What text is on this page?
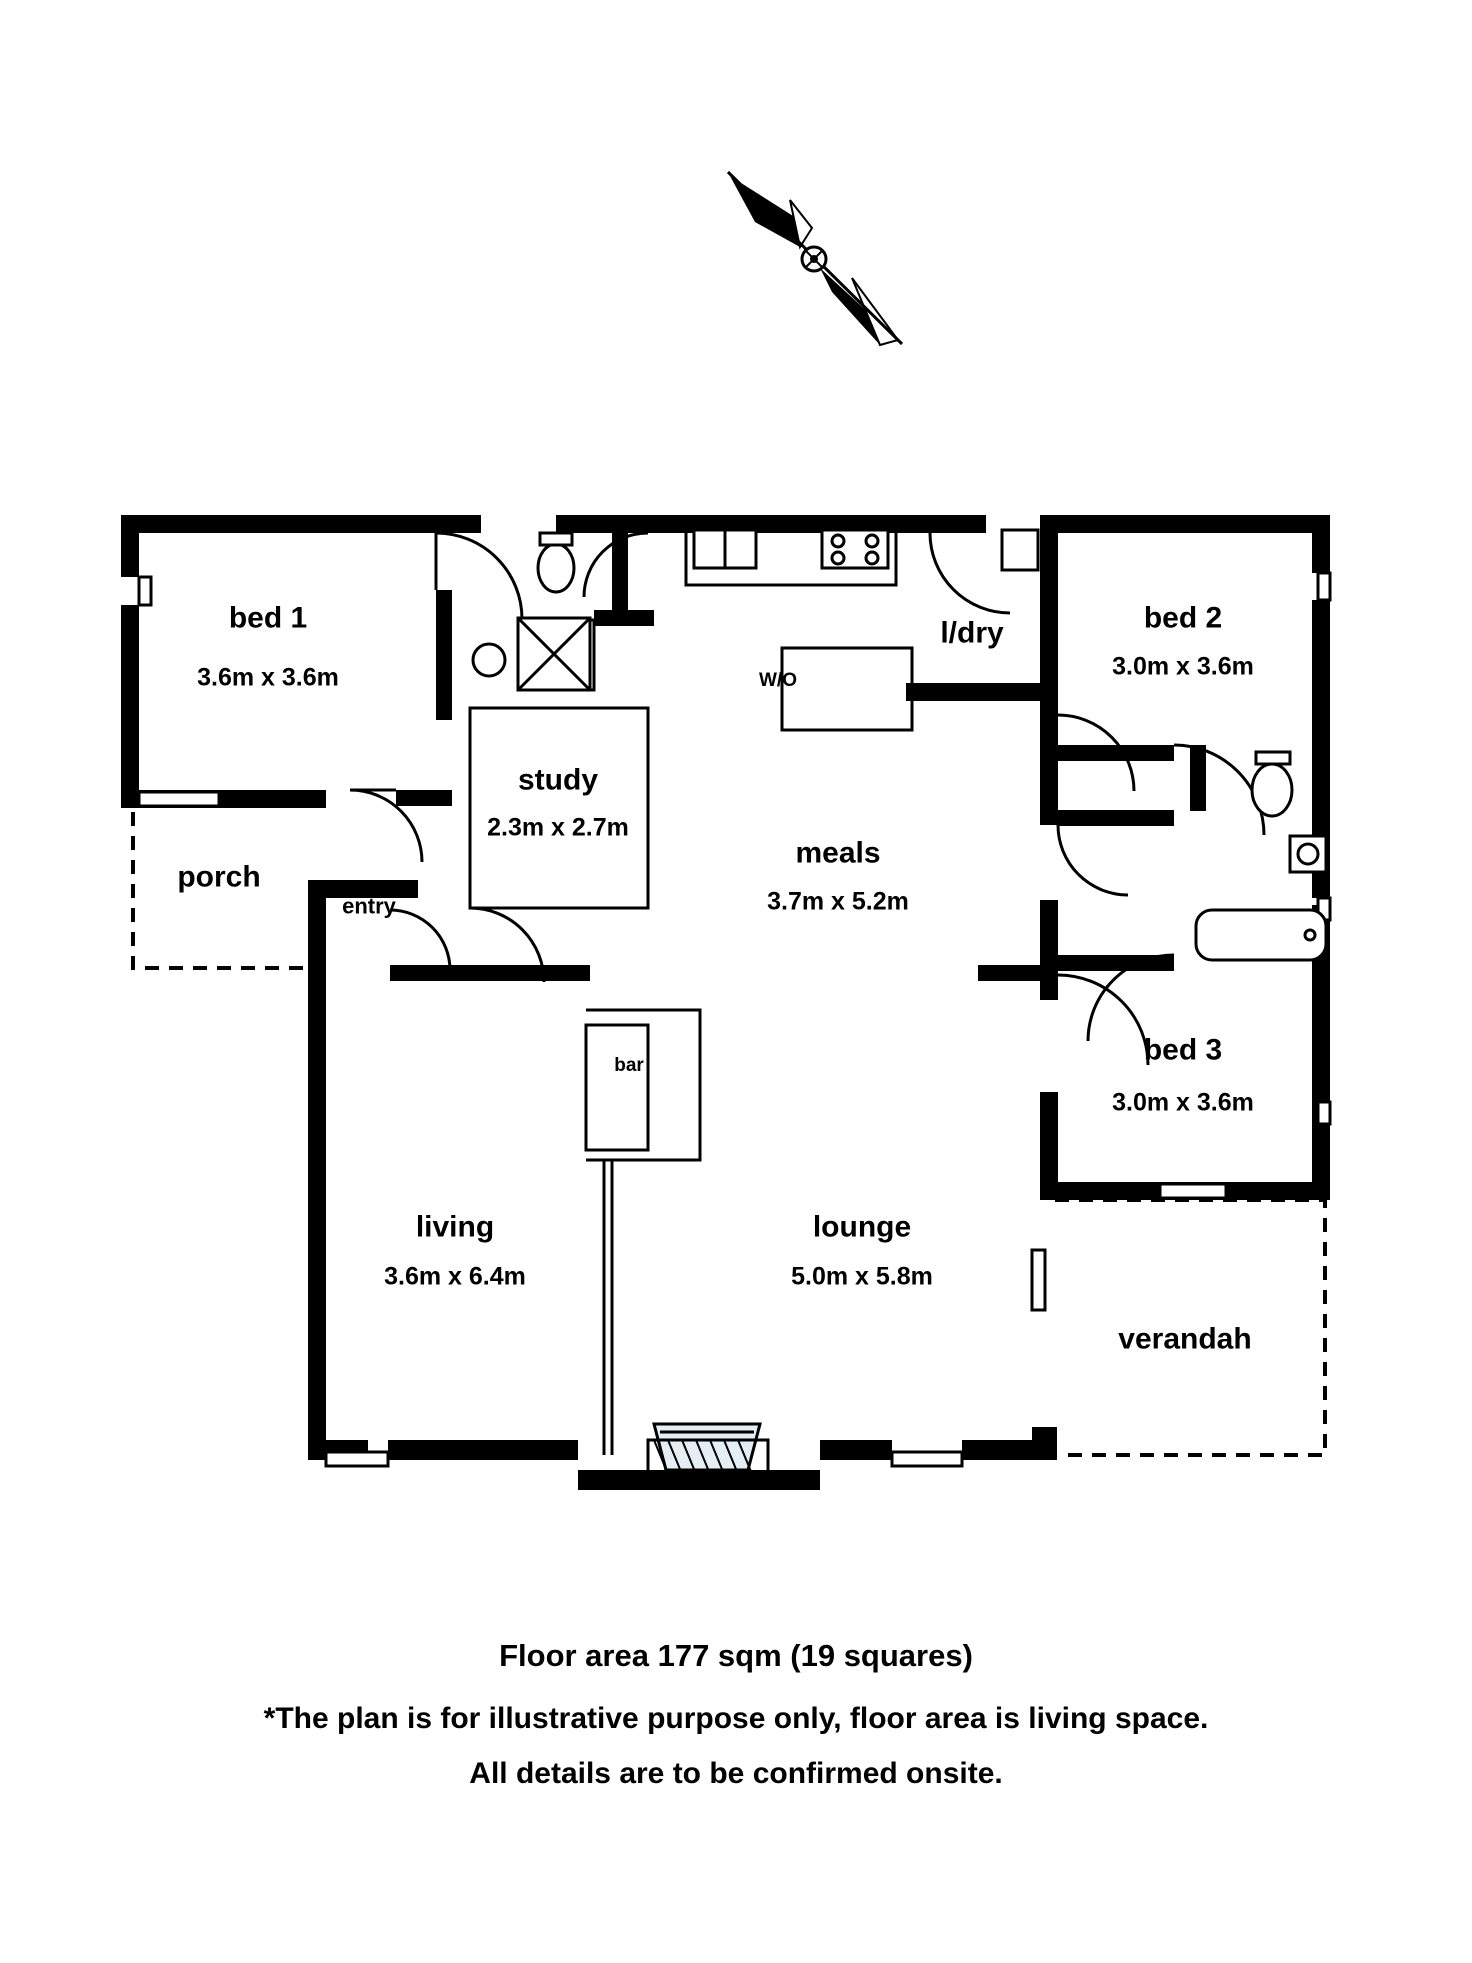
bed 1
3.6m x 3.6m
bed 2
3.0m x 3.6m
bed 3
3.0m x 3.6m
study
2.3m x 2.7m
meals
3.7m x 5.2m
living
3.6m x 6.4m
lounge
5.0m x 5.8m
verandah
porch
l/dry
entry
bar
W/O
Floor area 177 sqm (19 squares)
*The plan is for illustrative purpose only, floor area is living space.
All details are to be confirmed onsite.
